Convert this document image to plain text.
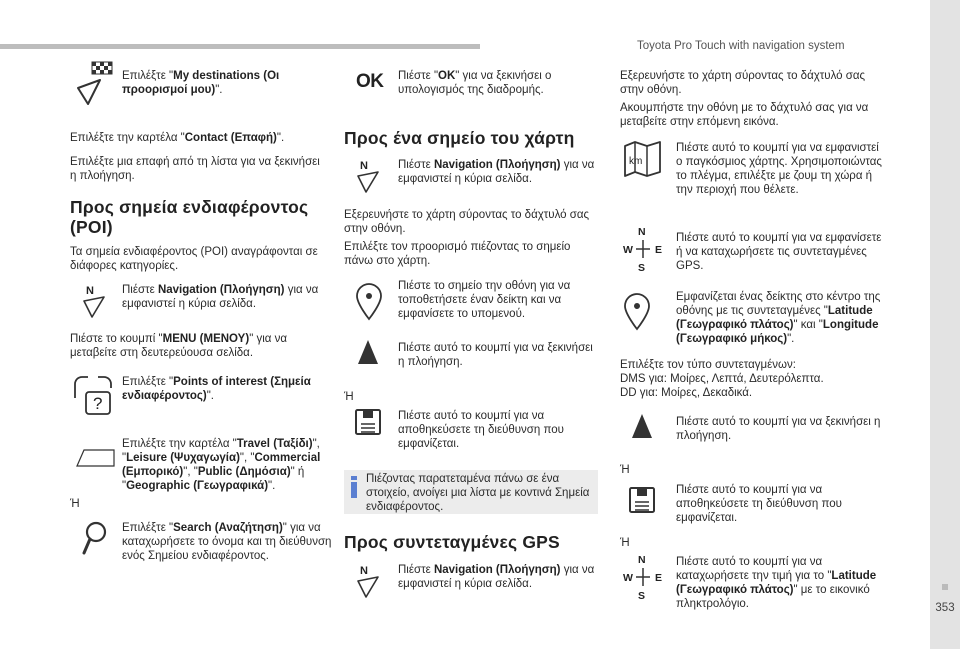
Toyota Pro Touch with navigation system
353
Επιλέξτε "My destinations (Οι προορισμοί μου)".
Επιλέξτε την καρτέλα "Contact (Επαφή)".
Επιλέξτε μια επαφή από τη λίστα για να ξεκινήσει η πλοήγηση.
Προς σημεία ενδιαφέροντος (POI)
Τα σημεία ενδιαφέροντος (POI) αναγράφονται σε διάφορες κατηγορίες.
N Πιέστε Navigation (Πλοήγηση) για να εμφανιστεί η κύρια σελίδα.
Πιέστε το κουμπί "MENU (ΜΕΝΟΥ)" για να μεταβείτε στη δευτερεύουσα σελίδα.
?
Επιλέξτε "Points of interest (Σημεία ενδιαφέροντος)".
Επιλέξτε την καρτέλα "Travel (Ταξίδι)", "Leisure (Ψυχαγωγία)", "Commercial (Εμπορικό)", "Public (Δημόσια)" ή "Geographic (Γεωγραφικά)".
Ή
Επιλέξτε "Search (Αναζήτηση)" για να καταχωρήσετε το όνομα και τη διεύθυνση ενός Σημείου ενδιαφέροντος.
OK Πιέστε "OK" για να ξεκινήσει ο υπολογισμός της διαδρομής.
Προς ένα σημείο του χάρτη
N	Πιέστε Navigation (Πλοήγηση) για να εμφανιστεί η κύρια σελίδα.
Εξερευνήστε το χάρτη σύροντας το δάχτυλό σας στην οθόνη.
Επιλέξτε τον προορισμό πιέζοντας το σημείο πάνω στο χάρτη.
Πιέστε το σημείο την οθόνη για να τοποθετήσετε έναν δείκτη και να εμφανίσετε το υπομενού.
Πιέστε αυτό το κουμπί για να ξεκινήσει η πλοήγηση.
Ή
Πιέστε αυτό το κουμπί για να αποθηκεύσετε τη διεύθυνση που εμφανίζεται.
Πιέζοντας παρατεταμένα πάνω σε ένα στοιχείο, ανοίγει μια λίστα με κοντινά Σημεία ενδιαφέροντος.
Προς συντεταγμένες GPS
N	Πιέστε Navigation (Πλοήγηση) για να εμφανιστεί η κύρια σελίδα.
Εξερευνήστε το χάρτη σύροντας το δάχτυλό σας στην οθόνη.
Ακουμπήστε την οθόνη με το δάχτυλό σας για να μεταβείτε στην επόμενη εικόνα.
km
Πιέστε αυτό το κουμπί για να εμφανιστεί ο παγκόσμιος χάρτης. Χρησιμοποιώντας το πλέγμα, επιλέξτε με ζουμ τη χώρα ή την περιοχή που θέλετε.
N
W E
S
Πιέστε αυτό το κουμπί για να εμφανίσετε ή να καταχωρήσετε τις συντεταγμένες GPS.
Εμφανίζεται ένας δείκτης στο κέντρο της οθόνης με τις συντεταγμένες "Latitude (Γεωγραφικό πλάτος)" και "Longitude (Γεωγραφικό μήκος)".
Επιλέξτε τον τύπο συντεταγμένων:
DMS για: Μοίρες, Λεπτά, Δευτερόλεπτα.
DD για: Μοίρες, Δεκαδικά.
Πιέστε αυτό το κουμπί για να ξεκινήσει η πλοήγηση.
Ή
Πιέστε αυτό το κουμπί για να αποθηκεύσετε τη διεύθυνση που εμφανίζεται.
Ή
N
W E
S
Πιέστε αυτό το κουμπί για να καταχωρήσετε την τιμή για το "Latitude (Γεωγραφικό πλάτος)" με το εικονικό πληκτρολόγιο.
